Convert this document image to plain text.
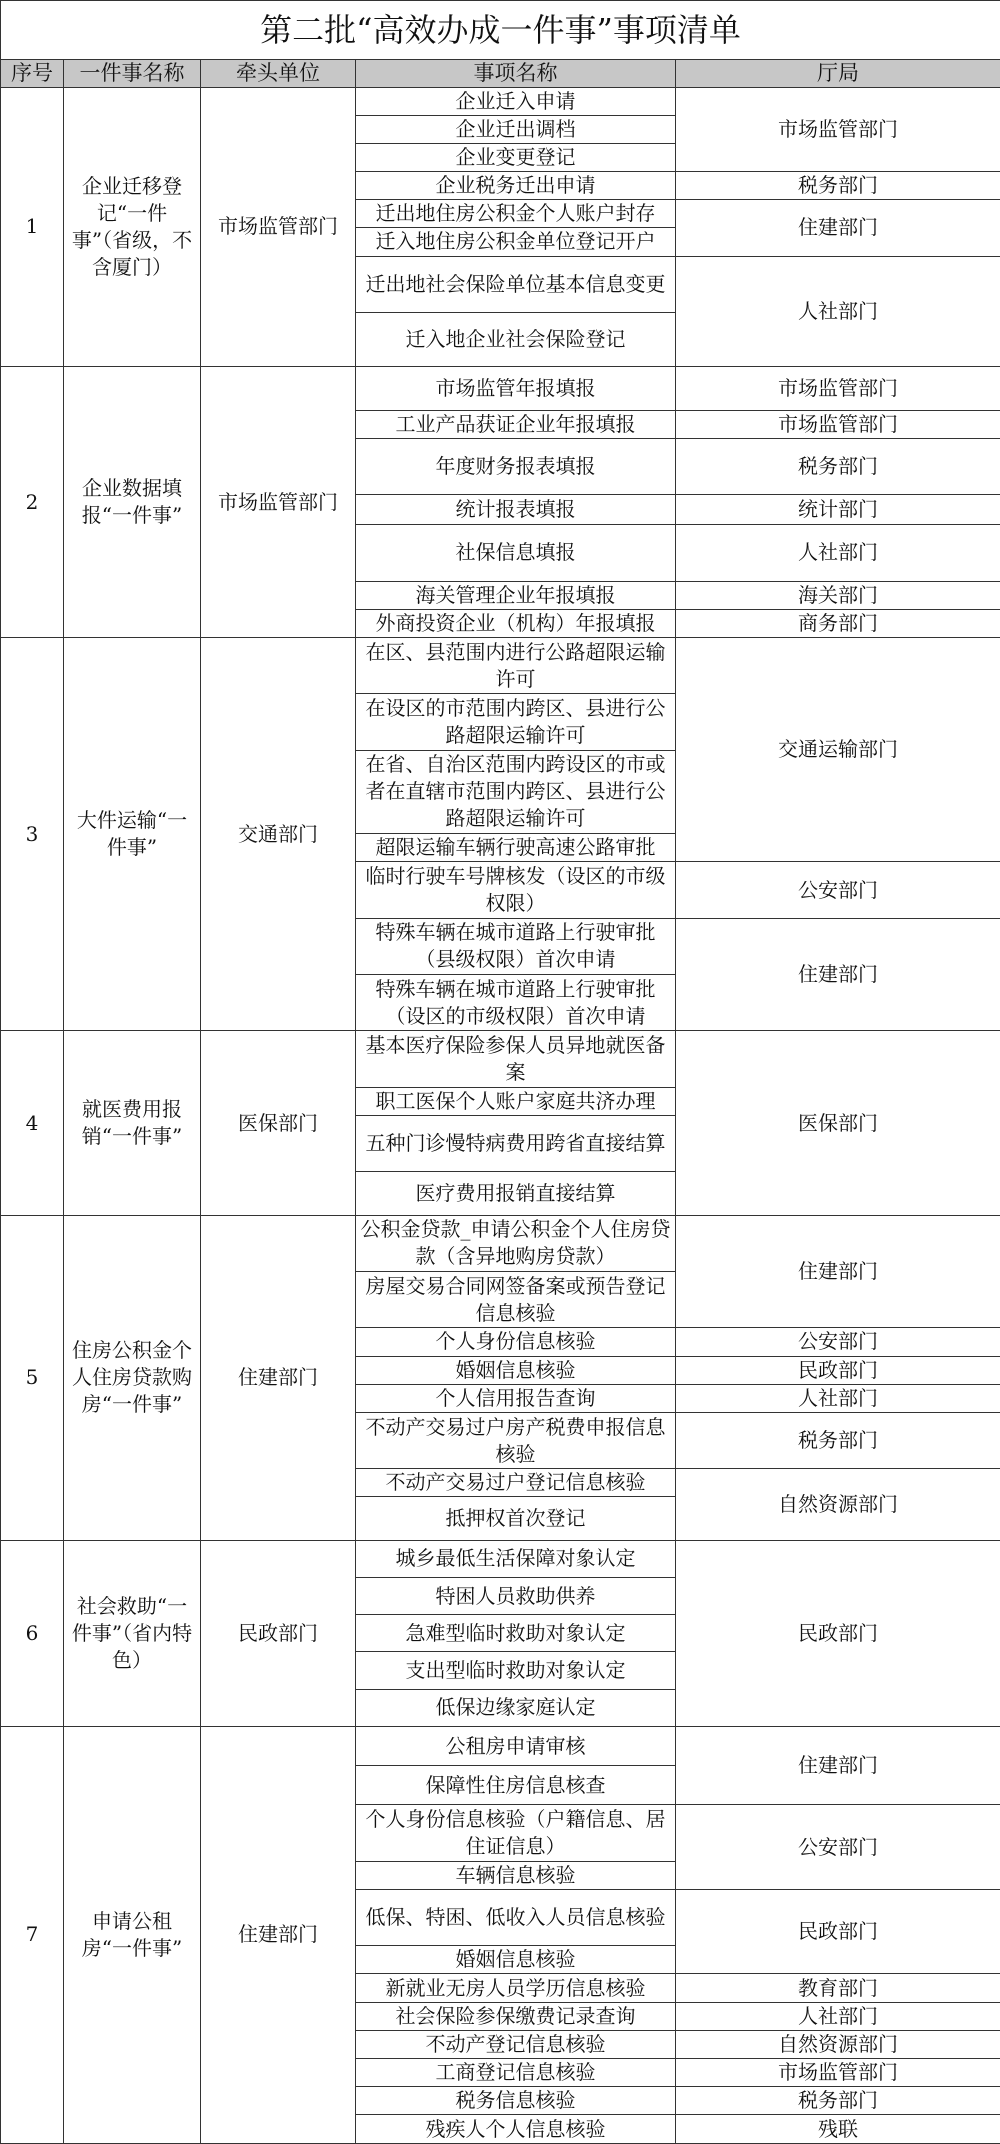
第二批“高效办成一件事”事项清单				
序号	一件事名称	牵头单位	事项名称	厅局
1	企业迁移登记“一件事”（省级，不含厦门）	市场监管部门	企业迁入申请	市场监管部门
			企业迁出调档	
			企业变更登记	
			企业税务迁出申请	税务部门
			迁出地住房公积金个人账户封存	住建部门
			迁入地住房公积金单位登记开户	
			迁出地社会保险单位基本信息变更	人社部门
			迁入地企业社会保险登记	
2	企业数据填报“一件事”	市场监管部门	市场监管年报填报	市场监管部门
			工业产品获证企业年报填报	市场监管部门
			年度财务报表填报	税务部门
			统计报表填报	统计部门
			社保信息填报	人社部门
			海关管理企业年报填报	海关部门
			外商投资企业（机构）年报填报	商务部门
3	大件运输“一件事”	交通部门	在区、县范围内进行公路超限运输许可	交通运输部门
			在设区的市范围内跨区、县进行公路超限运输许可	
			在省、自治区范围内跨设区的市或者在直辖市范围内跨区、县进行公路超限运输许可	
			超限运输车辆行驶高速公路审批	
			临时行驶车号牌核发（设区的市级权限）	公安部门
			特殊车辆在城市道路上行驶审批（县级权限）首次申请	住建部门
			特殊车辆在城市道路上行驶审批（设区的市级权限）首次申请	
4	就医费用报销“一件事”	医保部门	基本医疗保险参保人员异地就医备案	医保部门
			职工医保个人账户家庭共济办理	
			五种门诊慢特病费用跨省直接结算	
			医疗费用报销直接结算	
5	住房公积金个人住房贷款购房“一件事”	住建部门	公积金贷款_申请公积金个人住房贷款（含异地购房贷款）	住建部门
			房屋交易合同网签备案或预告登记信息核验	
			个人身份信息核验	公安部门
			婚姻信息核验	民政部门
			个人信用报告查询	人社部门
			不动产交易过户房产税费申报信息核验	税务部门
			不动产交易过户登记信息核验	自然资源部门
			抵押权首次登记	
6	社会救助“一件事”（省内特色）	民政部门	城乡最低生活保障对象认定	民政部门
			特困人员救助供养	
			急难型临时救助对象认定	
			支出型临时救助对象认定	
			低保边缘家庭认定	
7	申请公租房“一件事”	住建部门	公租房申请审核	住建部门
			保障性住房信息核查	
			个人身份信息核验（户籍信息、居住证信息）	公安部门
			车辆信息核验	
			低保、特困、低收入人员信息核验	民政部门
			婚姻信息核验	
			新就业无房人员学历信息核验	教育部门
			社会保险参保缴费记录查询	人社部门
			不动产登记信息核验	自然资源部门
			工商登记信息核验	市场监管部门
			税务信息核验	税务部门
			残疾人个人信息核验	残联
